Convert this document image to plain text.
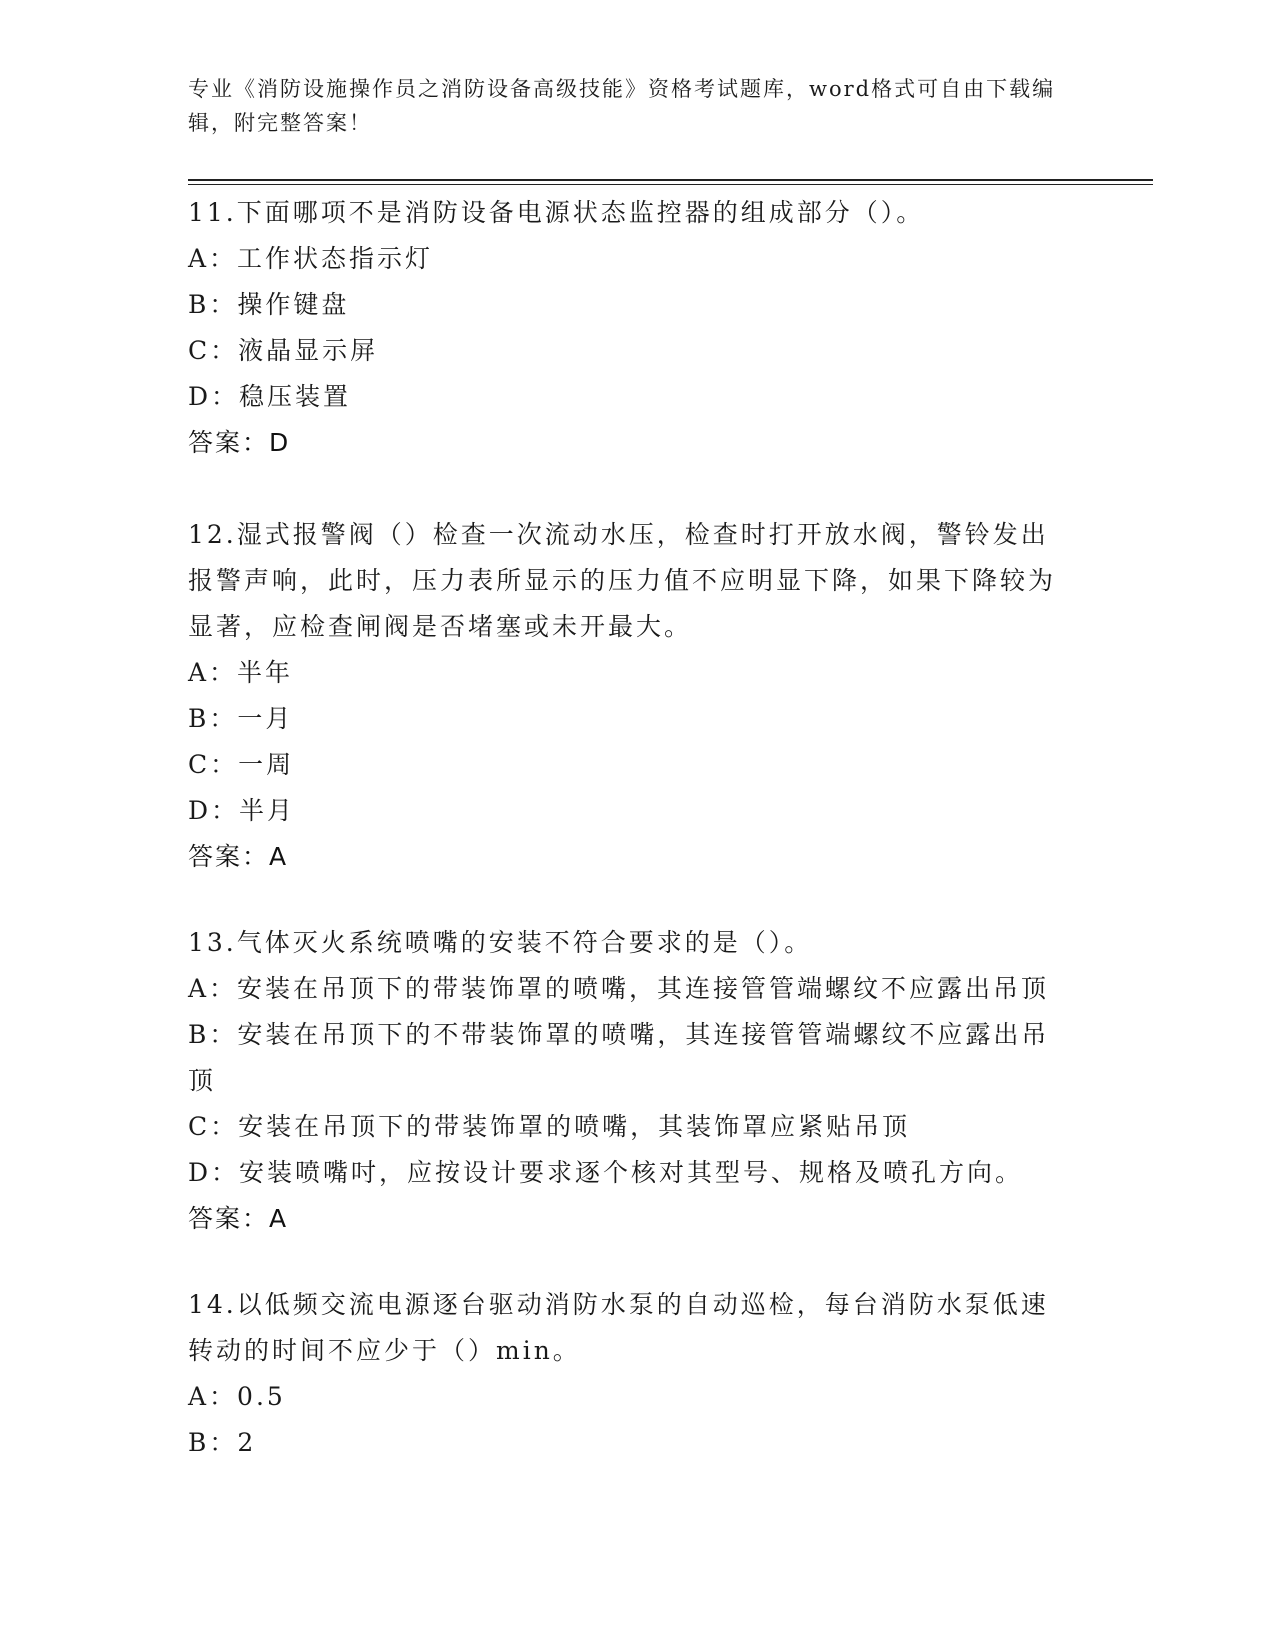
专业《消防设施操作员之消防设备高级技能》资格考试题库，word格式可自由下载编辑，附完整答案！

11.下面哪项不是消防设备电源状态监控器的组成部分（）。

A：工作状态指示灯

B：操作键盘

C：液晶显示屏

D：稳压装置

答案：D

12.湿式报警阀（）检查一次流动水压，检查时打开放水阀，警铃发出报警声响，此时，压力表所显示的压力值不应明显下降，如果下降较为显著，应检查闸阀是否堵塞或未开最大。

A：半年

B：一月

C：一周

D：半月

答案：A

13.气体灭火系统喷嘴的安装不符合要求的是（）。

A：安装在吊顶下的带装饰罩的喷嘴，其连接管管端螺纹不应露出吊顶

B：安装在吊顶下的不带装饰罩的喷嘴，其连接管管端螺纹不应露出吊顶

C：安装在吊顶下的带装饰罩的喷嘴，其装饰罩应紧贴吊顶

D：安装喷嘴吋，应按设计要求逐个核对其型号、规格及喷孔方向。

答案：A

14.以低频交流电源逐台驱动消防水泵的自动巡检，每台消防水泵低速转动的时间不应少于（）min。

A：0.5

B：2
